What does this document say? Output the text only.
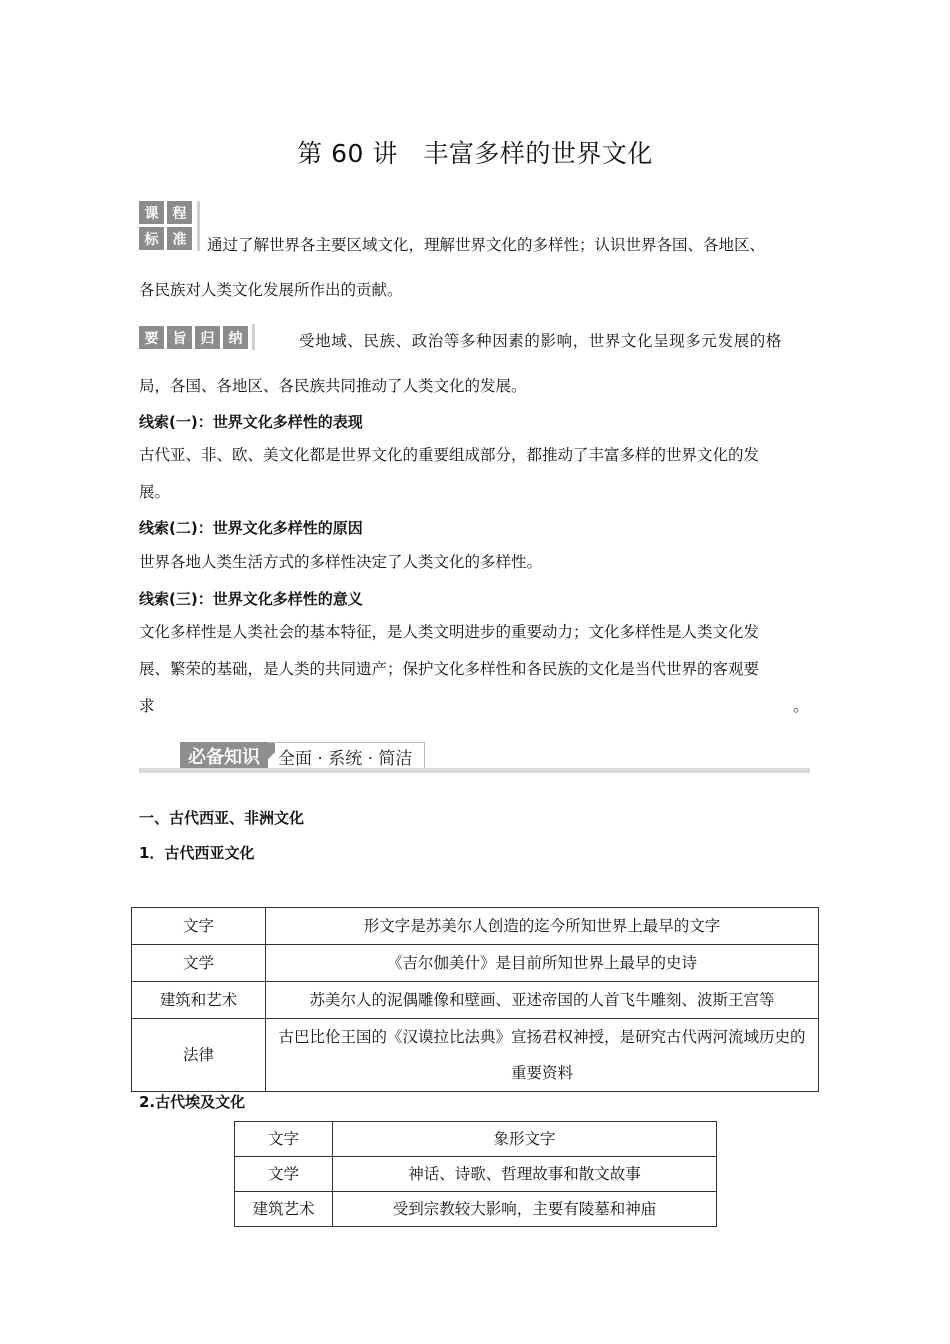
第 60 讲　丰富多样的世界文化
课	程
标	准	通过了解世界各主要区域文化，理解世界文化的多样性；认识世界各国、各地区、
各民族对人类文化发展所作出的贡献。
要	旨	归	纳	受地域、民族、政治等多种因素的影响，世界文化呈现多元发展的格
局，各国、各地区、各民族共同推动了人类文化的发展。
线索(一)：世界文化多样性的表现
古代亚、非、欧、美文化都是世界文化的重要组成部分，都推动了丰富多样的世界文化的发
展。
线索(二)：世界文化多样性的原因
世界各地人类生活方式的多样性决定了人类文化的多样性。
线索(三)：世界文化多样性的意义
文化多样性是人类社会的基本特征，是人类文明进步的重要动力；文化多样性是人类文化发
展、繁荣的基础，是人类的共同遗产；保护文化多样性和各民族的文化是当代世界的客观要
求	。
必备知识	全面 · 系统 · 简洁
一、古代西亚、非洲文化
1．古代西亚文化
文字	形文字是苏美尔人创造的迄今所知世界上最早的文字
文学	《吉尔伽美什》是目前所知世界上最早的史诗
建筑和艺术	苏美尔人的泥偶雕像和壁画、亚述帝国的人首飞牛雕刻、波斯王宫等
法律	古巴比伦王国的《汉谟拉比法典》宣扬君权神授，是研究古代两河流域历史的重要资料
2.古代埃及文化
文字	象形文字
文学	神话、诗歌、哲理故事和散文故事
建筑艺术	受到宗教较大影响，主要有陵墓和神庙
